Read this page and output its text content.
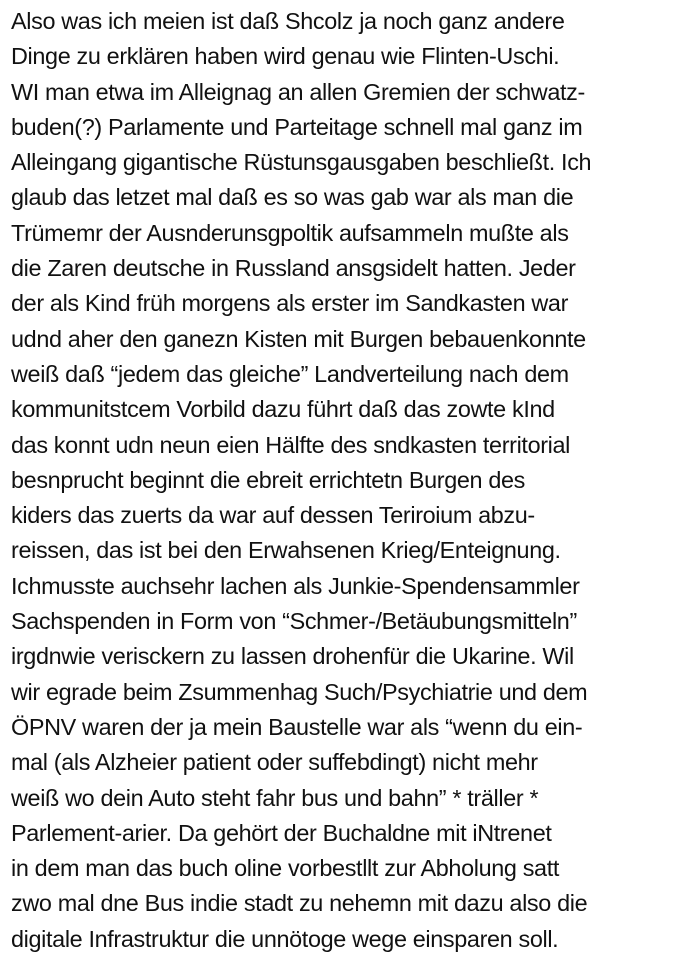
Also was ich meien ist daß Shcolz ja noch ganz andere
Dinge zu erklären haben wird genau wie Flinten-Uschi.
WI man etwa im Alleignag an allen Gremien der schwatz-
buden(?) Parlamente und Parteitage schnell mal ganz im
Alleingang gigantische Rüstunsgausgaben beschließt. Ich
glaub das letzet mal daß es so was gab war als man die
Trümemr der Ausnderunsgpoltik aufsammeln mußte als
die Zaren deutsche in Russland ansgsidelt hatten. Jeder
der als Kind früh morgens als erster im Sandkasten war
udnd aher den ganezn Kisten mit Burgen bebauenkonnte
weiß daß “jedem das gleiche” Landverteilung nach dem
kommunitstcem Vorbild dazu führt daß das zowte kInd
das konnt udn neun eien Hälfte des sndkasten territorial
besnprucht beginnt die ebreit errichtetn Burgen des
kiders das zuerts da war auf dessen Teriroium abzu-
reissen, das ist bei den Erwahsenen Krieg/Enteignung.
Ichmusste auchsehr lachen als Junkie-Spendensammler
Sachspenden in Form von “Schmer-/Betäubungsmitteln”
irgdnwie verisckern zu lassen drohenfür die Ukarine. Wil
wir egrade beim Zsummenhag Such/Psychiatrie und dem
ÖPNV waren der ja mein Baustelle war als “wenn du ein-
mal (als Alzheier patient oder suffebdingt) nicht mehr
weiß wo dein Auto steht fahr bus und bahn” * träller *
Parlement-arier. Da gehört der Buchaldne mit iNtrenet
in dem man das buch oline vorbestllt zur Abholung satt
zwo mal dne Bus indie stadt zu nehemn mit dazu also die
digitale Infrastruktur die unnötoge wege einsparen soll.
